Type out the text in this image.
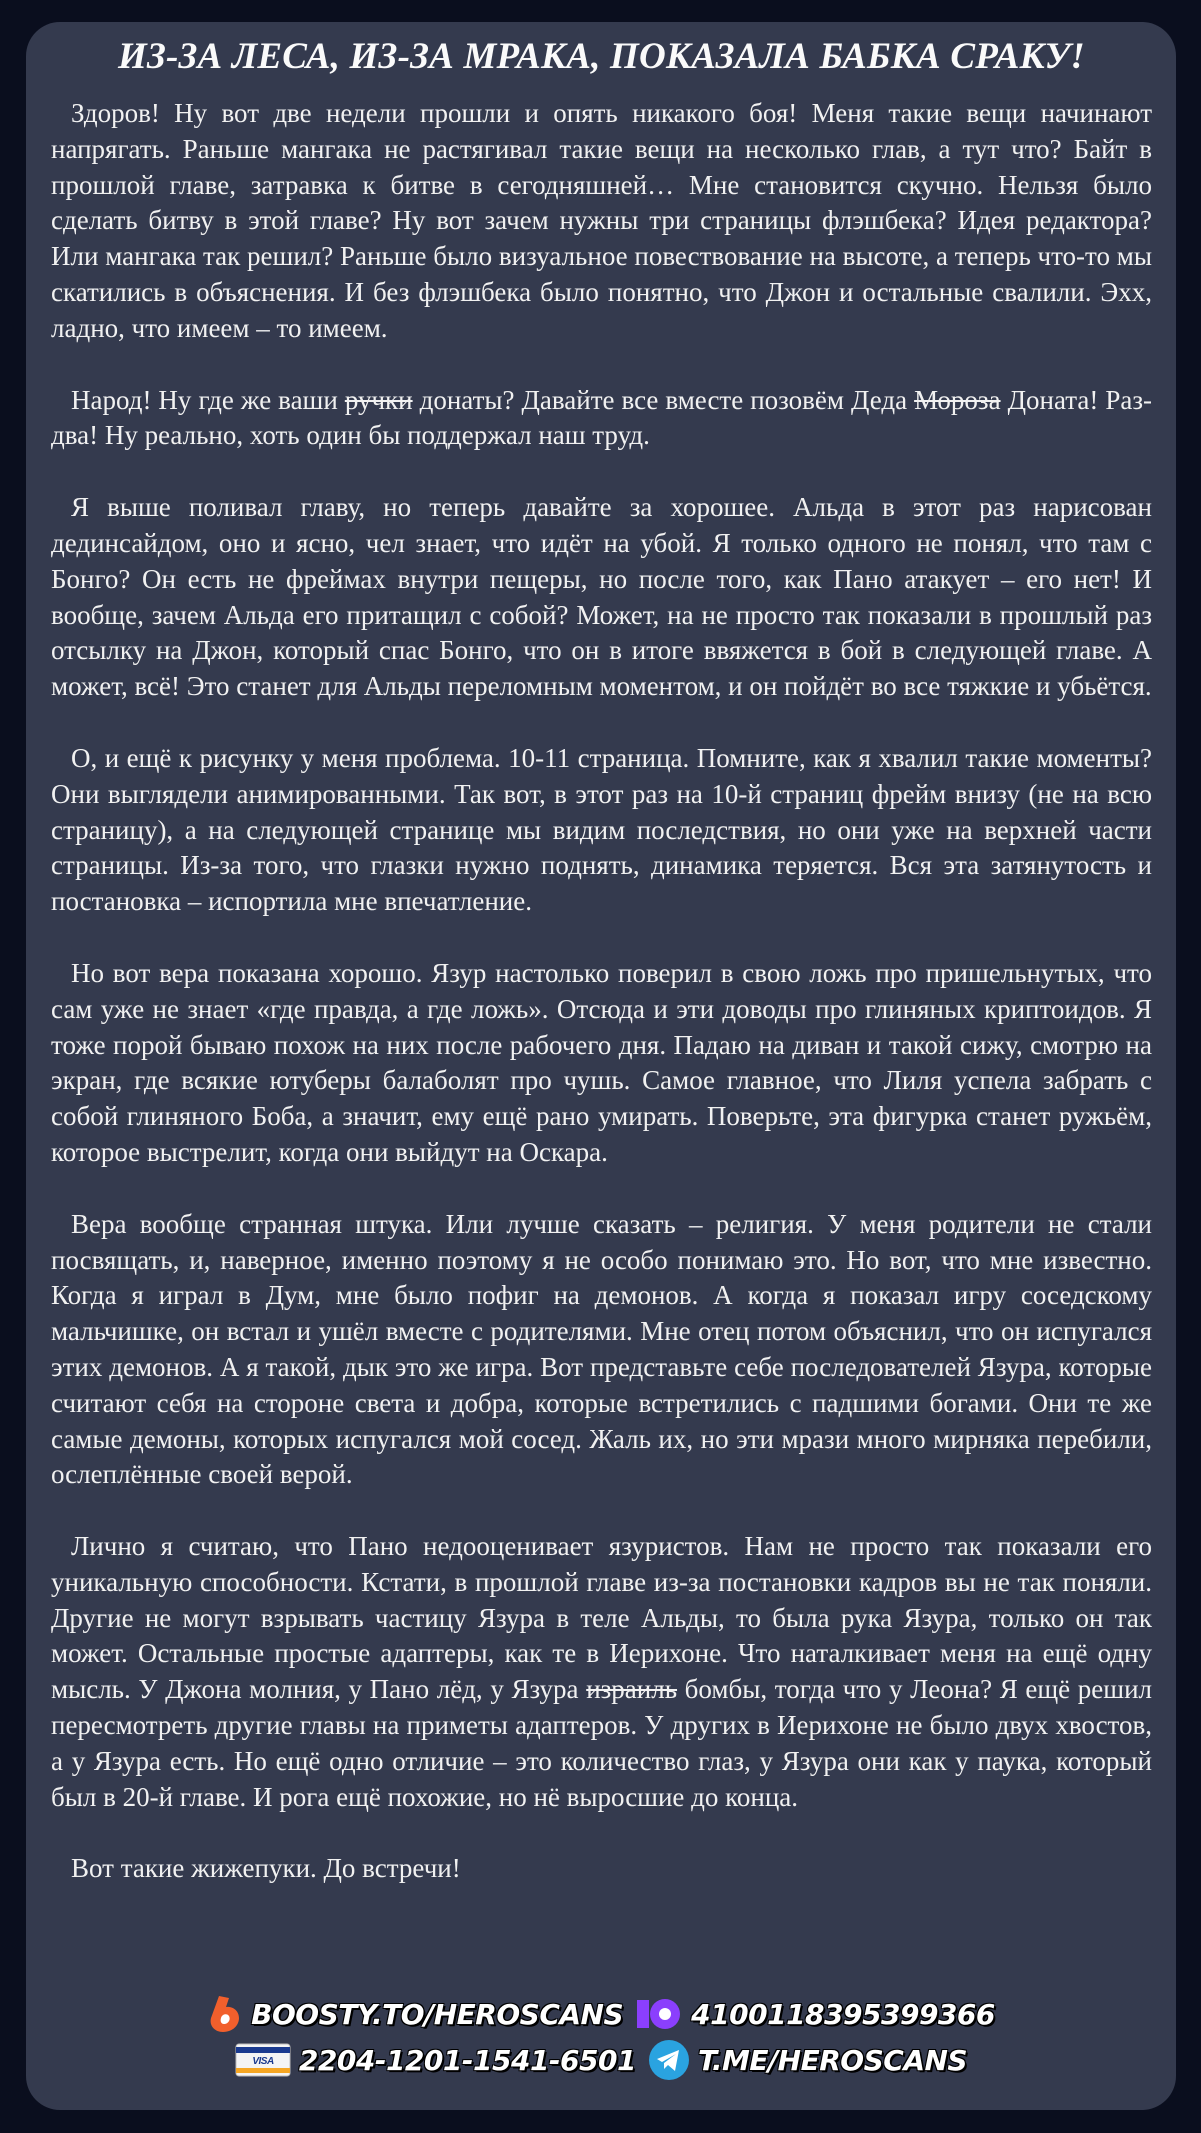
ИЗ-ЗА ЛЕСА, ИЗ-ЗА МРАКА, ПОКАЗАЛА БАБКА СРАКУ!

Здоров! Ну вот две недели прошли и опять никакого боя! Меня такие вещи начинают напрягать. Раньше мангака не растягивал такие вещи на несколько глав, а тут что? Байт в прошлой главе, затравка к битве в сегодняшней… Мне становится скучно. Нельзя было сделать битву в этой главе? Ну вот зачем нужны три страницы флэшбека? Идея редактора? Или мангака так решил? Раньше было визуальное повествование на высоте, а теперь что-то мы скатились в объяснения. И без флэшбека было понятно, что Джон и остальные свалили. Эхх, ладно, что имеем – то имеем.

Народ! Ну где же ваши ручки донаты? Давайте все вместе позовём Деда Мороза Доната! Раз-два! Ну реально, хоть один бы поддержал наш труд.

Я выше поливал главу, но теперь давайте за хорошее. Альда в этот раз нарисован дединсайдом, оно и ясно, чел знает, что идёт на убой. Я только одного не понял, что там с Бонго? Он есть не фреймах внутри пещеры, но после того, как Пано атакует – его нет! И вообще, зачем Альда его притащил с собой? Может, на не просто так показали в прошлый раз отсылку на Джон, который спас Бонго, что он в итоге ввяжется в бой в следующей главе. А может, всё! Это станет для Альды переломным моментом, и он пойдёт во все тяжкие и убьётся.

О, и ещё к рисунку у меня проблема. 10-11 страница. Помните, как я хвалил такие моменты? Они выглядели анимированными. Так вот, в этот раз на 10-й страниц фрейм внизу (не на всю страницу), а на следующей странице мы видим последствия, но они уже на верхней части страницы. Из-за того, что глазки нужно поднять, динамика теряется. Вся эта затянутость и постановка – испортила мне впечатление.

Но вот вера показана хорошо. Язур настолько поверил в свою ложь про пришельнутых, что сам уже не знает «где правда, а где ложь». Отсюда и эти доводы про глиняных криптоидов. Я тоже порой бываю похож на них после рабочего дня. Падаю на диван и такой сижу, смотрю на экран, где всякие ютуберы балаболят про чушь. Самое главное, что Лиля успела забрать с собой глиняного Боба, а значит, ему ещё рано умирать. Поверьте, эта фигурка станет ружьём, которое выстрелит, когда они выйдут на Оскара.

Вера вообще странная штука. Или лучше сказать – религия. У меня родители не стали посвящать, и, наверное, именно поэтому я не особо понимаю это. Но вот, что мне известно. Когда я играл в Дум, мне было пофиг на демонов. А когда я показал игру соседскому мальчишке, он встал и ушёл вместе с родителями. Мне отец потом объяснил, что он испугался этих демонов. А я такой, дык это же игра. Вот представьте себе последователей Язура, которые считают себя на стороне света и добра, которые встретились с падшими богами. Они те же самые демоны, которых испугался мой сосед. Жаль их, но эти мрази много мирняка перебили, ослеплённые своей верой.

Лично я считаю, что Пано недооценивает язуристов. Нам не просто так показали его уникальную способности. Кстати, в прошлой главе из-за постановки кадров вы не так поняли. Другие не могут взрывать частицу Язура в теле Альды, то была рука Язура, только он так может. Остальные простые адаптеры, как те в Иерихоне. Что наталкивает меня на ещё одну мысль. У Джона молния, у Пано лёд, у Язура израиль бомбы, тогда что у Леона? Я ещё решил пересмотреть другие главы на приметы адаптеров. У других в Иерихоне не было двух хвостов, а у Язура есть. Но ещё одно отличие – это количество глаз, у Язура они как у паука, который был в 20-й главе. И рога ещё похожие, но нё выросшие до конца.

Вот такие жижепуки. До встречи!

BOOSTY.TO/HEROSCANS 4100118395399366
VISA 2204-1201-1541-6501 T.ME/HEROSCANS
